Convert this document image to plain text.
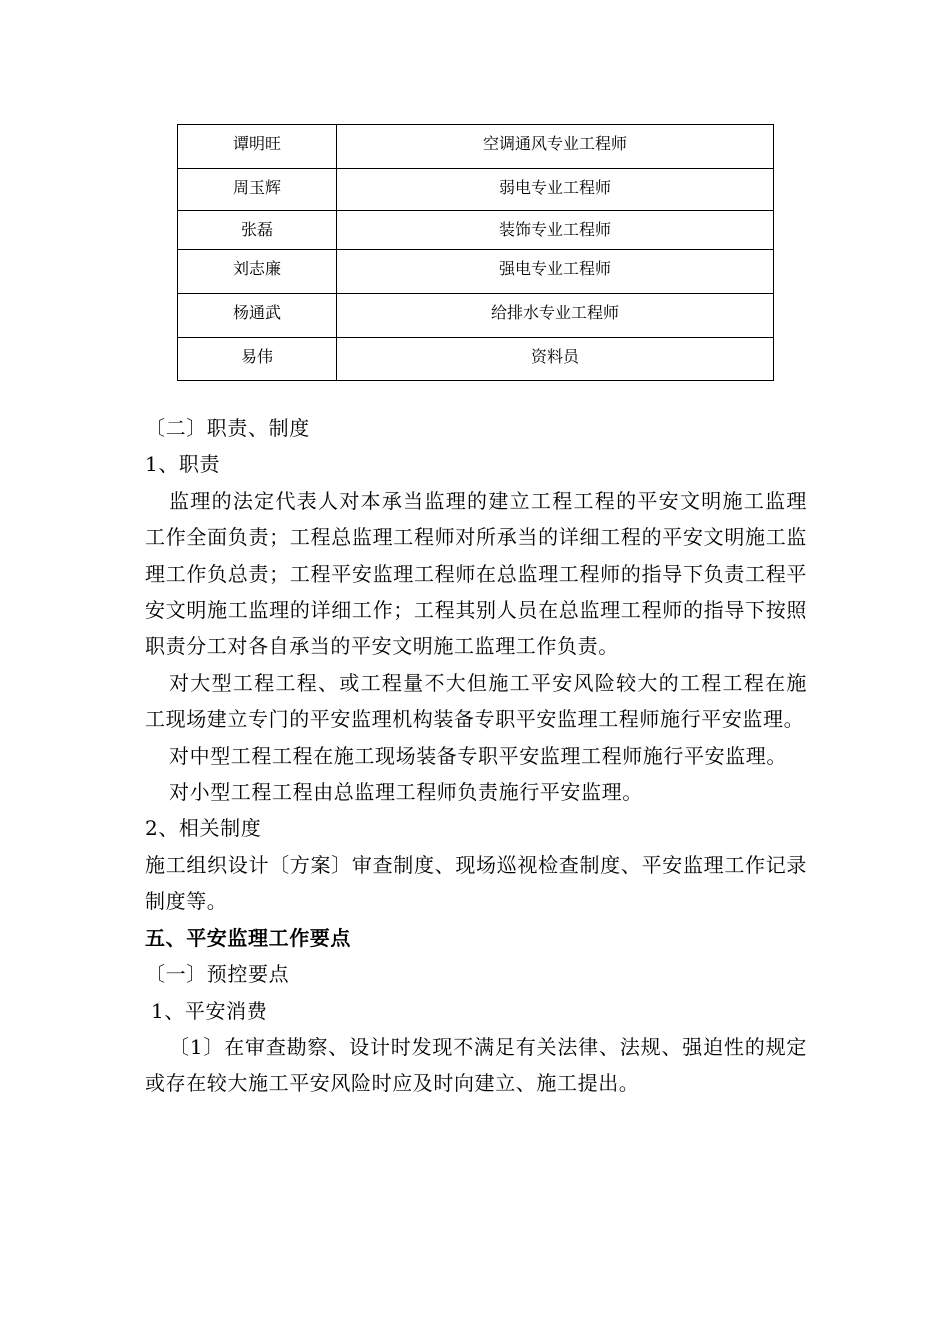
谭明旺	空调通风专业工程师
周玉辉	弱电专业工程师
张磊	装饰专业工程师
刘志廉	强电专业工程师
杨通武	给排水专业工程师
易伟	资料员

〔二〕职责、制度

1、职责

监理的法定代表人对本承当监理的建立工程工程的平安文明施工监理工作全面负责；工程总监理工程师对所承当的详细工程的平安文明施工监理工作负总责；工程平安监理工程师在总监理工程师的指导下负责工程平安文明施工监理的详细工作；工程其别人员在总监理工程师的指导下按照职责分工对各自承当的平安文明施工监理工作负责。

对大型工程工程、或工程量不大但施工平安风险较大的工程工程在施工现场建立专门的平安监理机构装备专职平安监理工程师施行平安监理。

对中型工程工程在施工现场装备专职平安监理工程师施行平安监理。

对小型工程工程由总监理工程师负责施行平安监理。

2、相关制度

施工组织设计〔方案〕审查制度、现场巡视检查制度、平安监理工作记录制度等。

五、平安监理工作要点

〔一〕预控要点

1、平安消费

〔1〕在审查勘察、设计时发现不满足有关法律、法规、强迫性的规定或存在较大施工平安风险时应及时向建立、施工提出。
